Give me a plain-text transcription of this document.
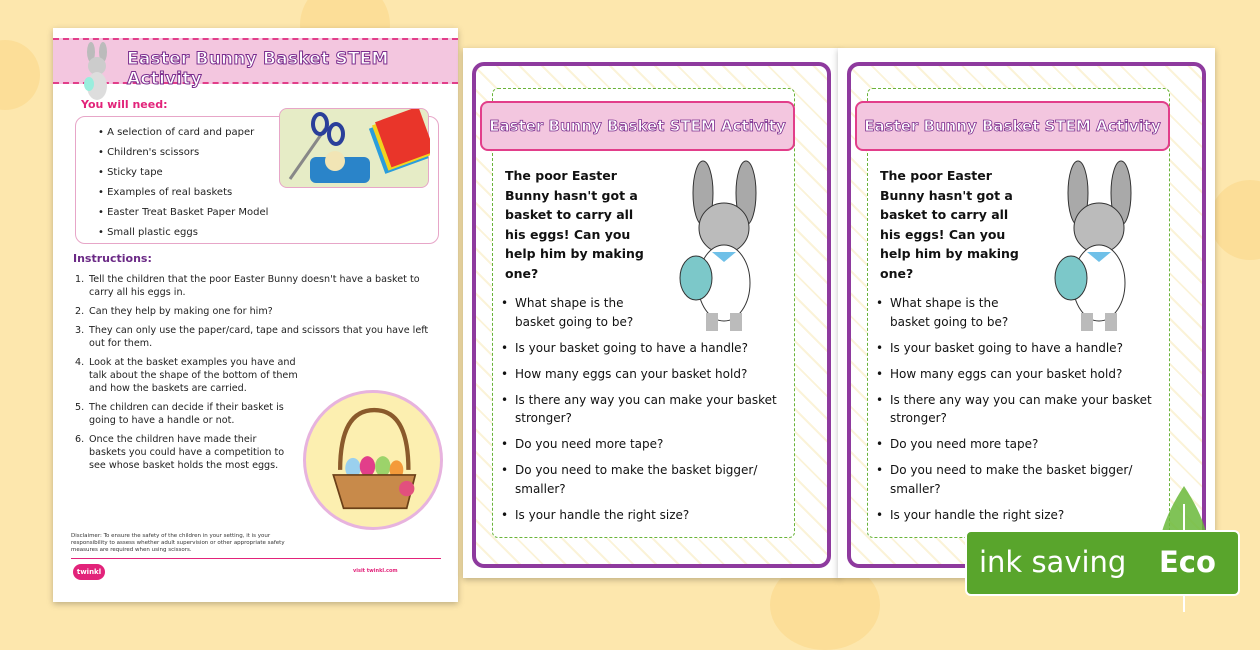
Easter Bunny Basket STEM Activity
You will need:
• A selection of card and paper
• Children's scissors
• Sticky tape
• Examples of real baskets
• Easter Treat Basket Paper Model
• Small plastic eggs
Instructions:
1. Tell the children that the poor Easter Bunny doesn't have a basket to carry all his eggs in.
2. Can they help by making one for him?
3. They can only use the paper/card, tape and scissors that you have left out for them.
4. Look at the basket examples you have and talk about the shape of the bottom of them and how the baskets are carried.
5. The children can decide if their basket is going to have a handle or not.
6. Once the children have made their baskets you could have a competition to see whose basket holds the most eggs.
Disclaimer: To ensure the safety of the children in your setting, it is your responsibility to assess whether adult supervision or other appropriate safety measures are required when using scissors.
twinkl	visit twinkl.com
Easter Bunny Basket STEM Activity
The poor Easter Bunny hasn't got a basket to carry all his eggs! Can you help him by making one?
• What shape is the basket going to be?
• Is your basket going to have a handle?
• How many eggs can your basket hold?
• Is there any way you can make your basket stronger?
• Do you need more tape?
• Do you need to make the basket bigger/ smaller?
• Is your handle the right size?
Easter Bunny Basket STEM Activity
The poor Easter Bunny hasn't got a basket to carry all his eggs! Can you help him by making one?
• What shape is the basket going to be?
• Is your basket going to have a handle?
• How many eggs can your basket hold?
• Is there any way you can make your basket stronger?
• Do you need more tape?
• Do you need to make the basket bigger/ smaller?
• Is your handle the right size?
ink saving Eco
